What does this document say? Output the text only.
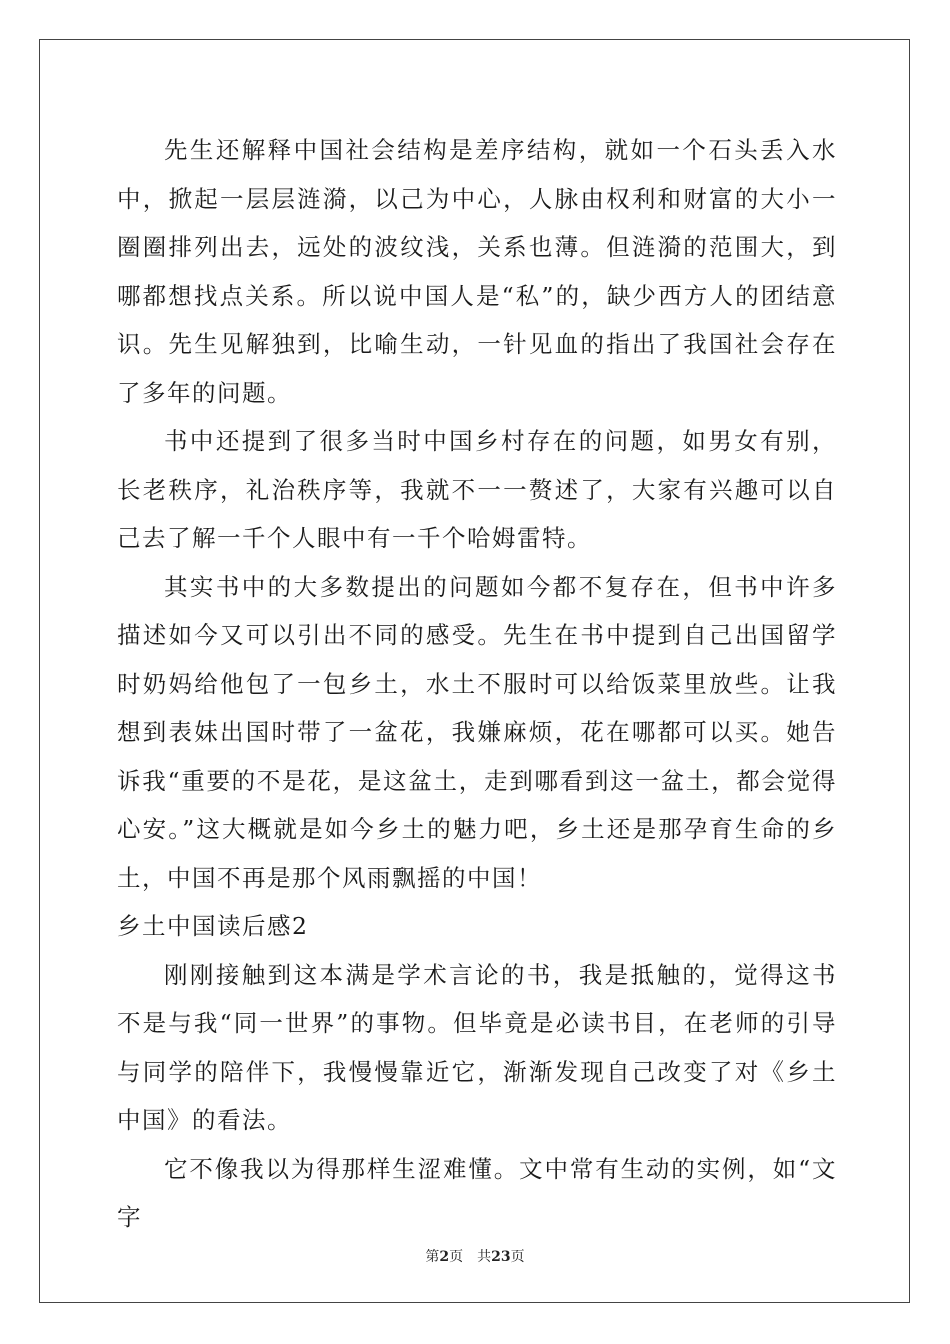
先生还解释中国社会结构是差序结构，就如一个石头丢入水中，掀起一层层涟漪，以己为中心，人脉由权利和财富的大小一圈圈排列出去，远处的波纹浅，关系也薄。但涟漪的范围大，到哪都想找点关系。所以说中国人是“私”的，缺少西方人的团结意识。先生见解独到，比喻生动，一针见血的指出了我国社会存在了多年的问题。

书中还提到了很多当时中国乡村存在的问题，如男女有别，长老秩序，礼治秩序等，我就不一一赘述了，大家有兴趣可以自己去了解一千个人眼中有一千个哈姆雷特。

其实书中的大多数提出的问题如今都不复存在，但书中许多描述如今又可以引出不同的感受。先生在书中提到自己出国留学时奶妈给他包了一包乡土，水土不服时可以给饭菜里放些。让我想到表妹出国时带了一盆花，我嫌麻烦，花在哪都可以买。她告诉我“重要的不是花，是这盆土，走到哪看到这一盆土，都会觉得心安。”这大概就是如今乡土的魅力吧，乡土还是那孕育生命的乡土，中国不再是那个风雨飘摇的中国！

乡土中国读后感2

刚刚接触到这本满是学术言论的书，我是抵触的，觉得这书不是与我“同一世界”的事物。但毕竟是必读书目，在老师的引导与同学的陪伴下，我慢慢靠近它，渐渐发现自己改变了对《乡土中国》的看法。

它不像我以为得那样生涩难懂。文中常有生动的实例，如“文字

第2页　共23页
